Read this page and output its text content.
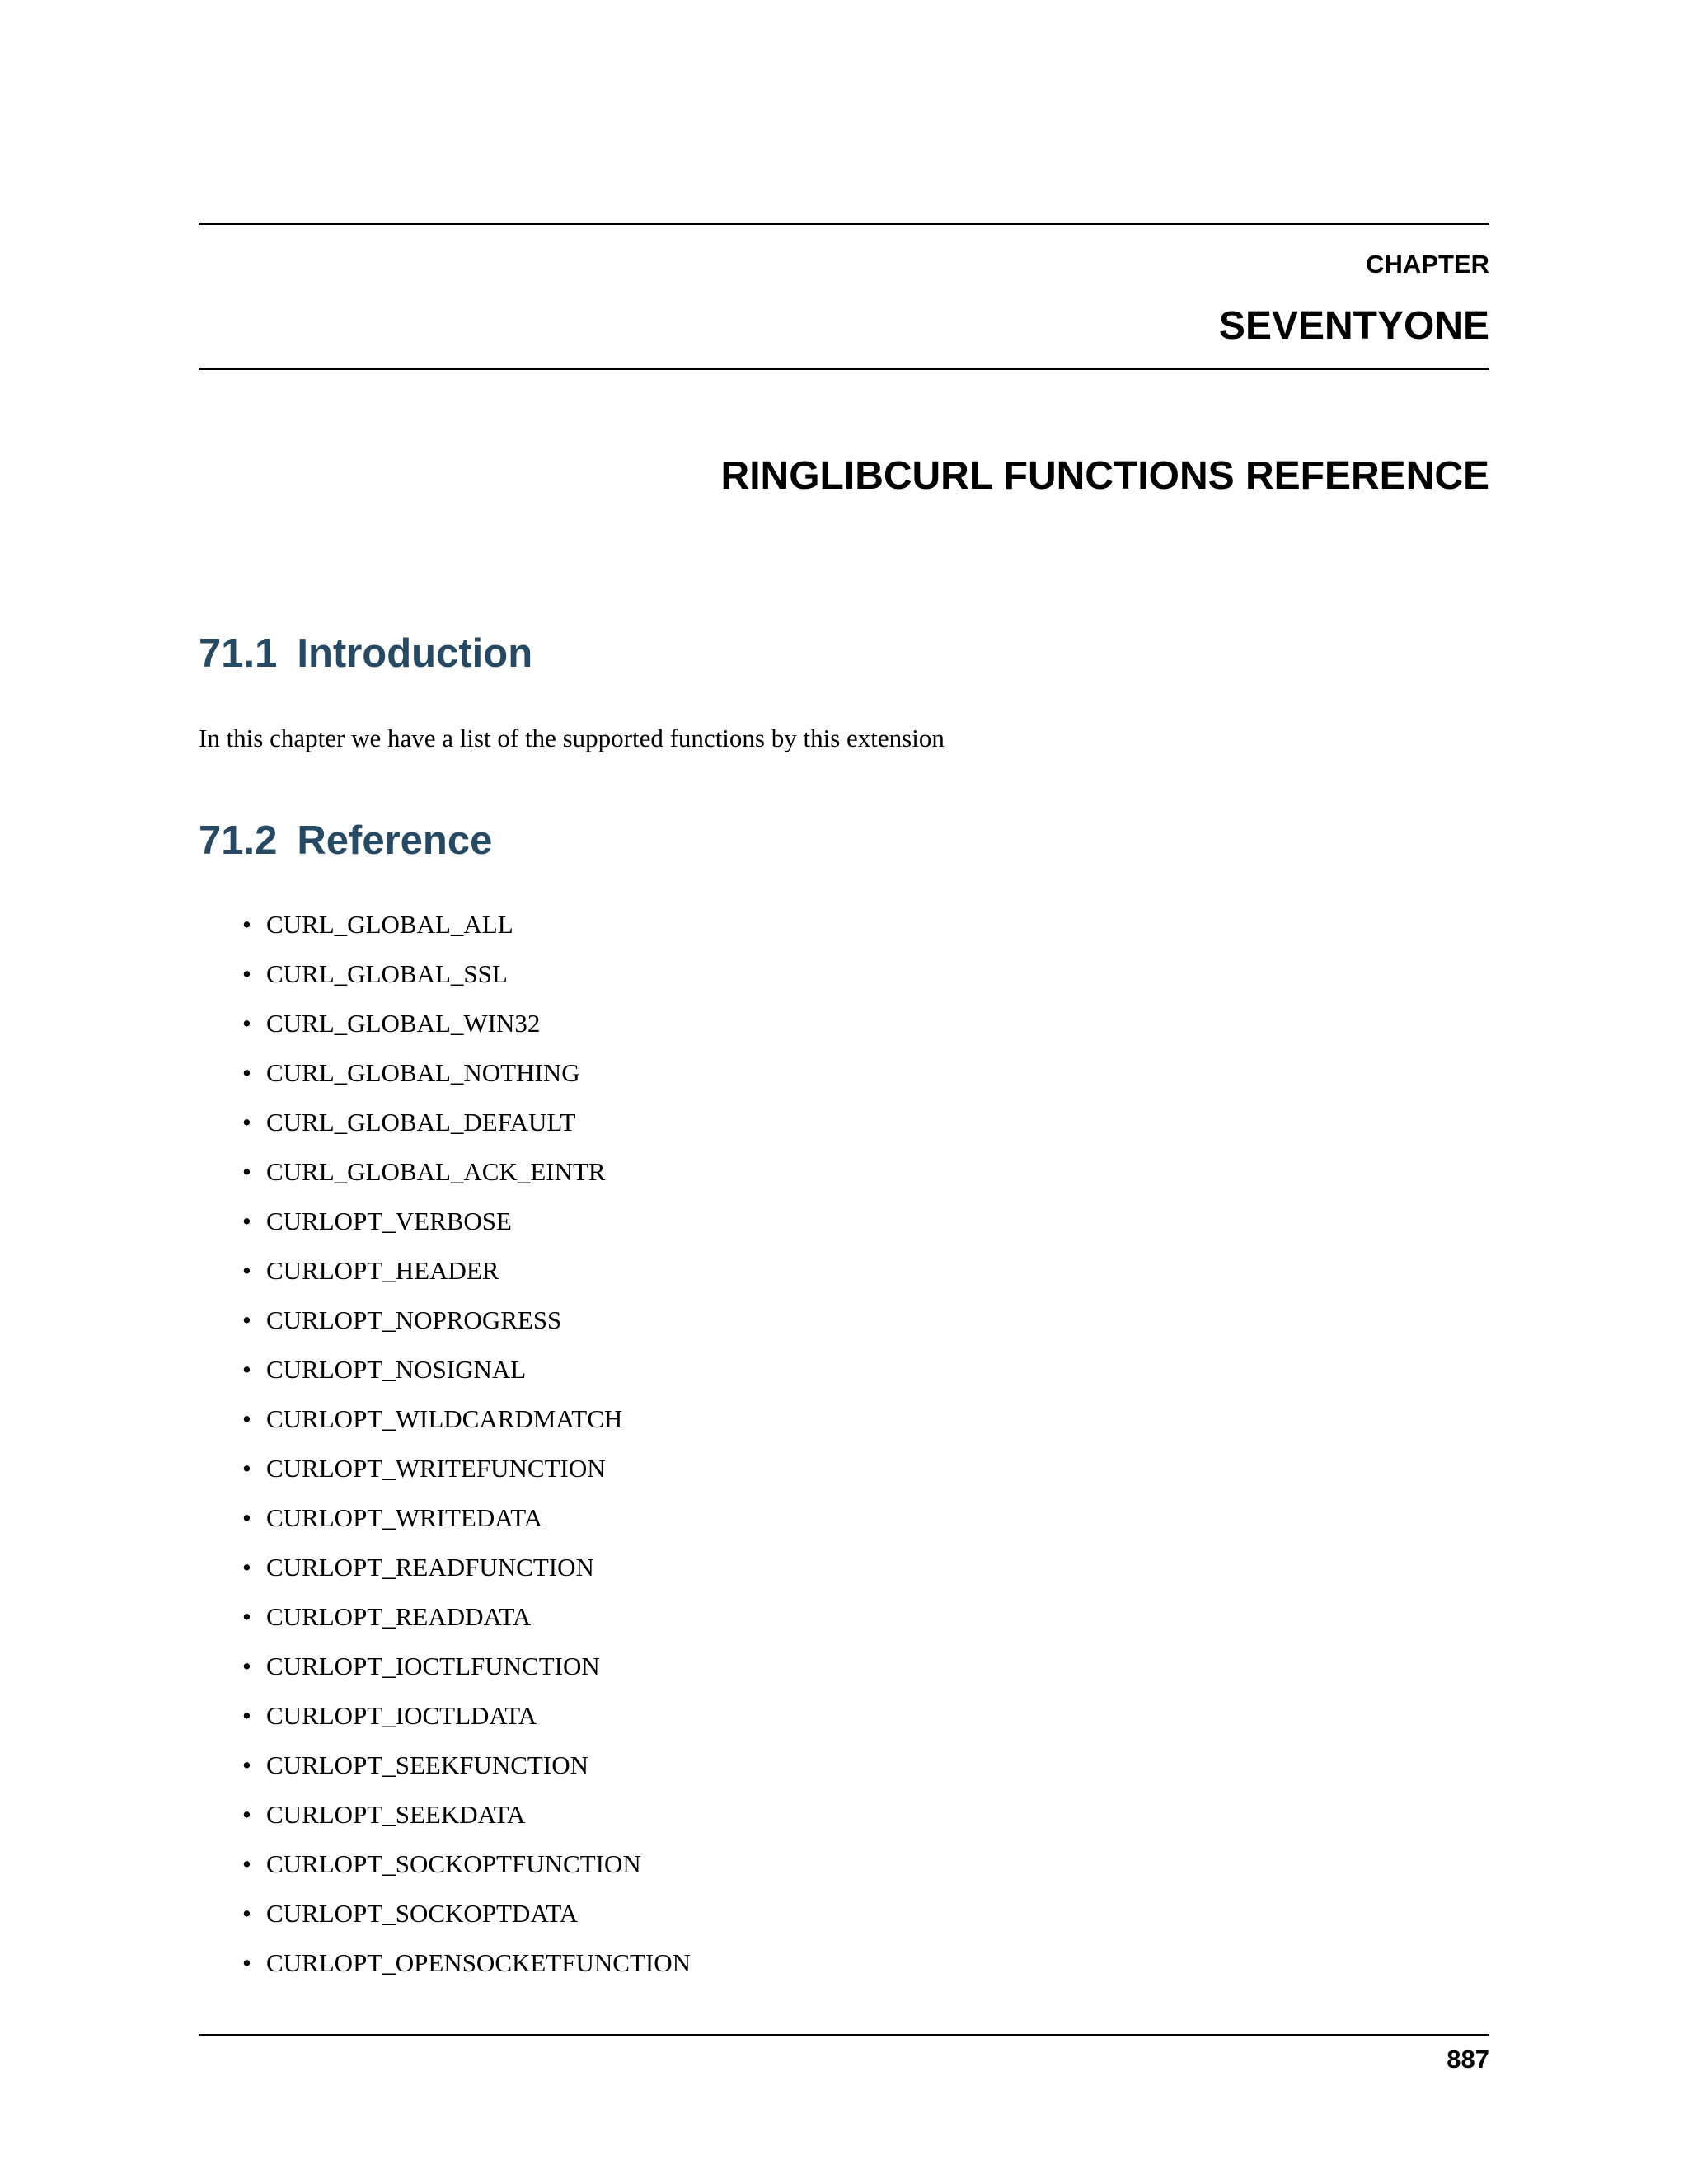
CHAPTER

SEVENTYONE

RINGLIBCURL FUNCTIONS REFERENCE
71.1 Introduction

In this chapter we have a list of the supported functions by this extension

71.2 Reference
• CURL_GLOBAL_ALL
• CURL_GLOBAL_SSL
• CURL_GLOBAL_WIN32
• CURL_GLOBAL_NOTHING
• CURL_GLOBAL_DEFAULT
• CURL_GLOBAL_ACK_EINTR
• CURLOPT_VERBOSE
• CURLOPT_HEADER
• CURLOPT_NOPROGRESS
• CURLOPT_NOSIGNAL
• CURLOPT_WILDCARDMATCH
• CURLOPT_WRITEFUNCTION
• CURLOPT_WRITEDATA
• CURLOPT_READFUNCTION
• CURLOPT_READDATA
• CURLOPT_IOCTLFUNCTION
• CURLOPT_IOCTLDATA
• CURLOPT_SEEKFUNCTION
• CURLOPT_SEEKDATA
• CURLOPT_SOCKOPTFUNCTION
• CURLOPT_SOCKOPTDATA
• CURLOPT_OPENSOCKETFUNCTION

887
